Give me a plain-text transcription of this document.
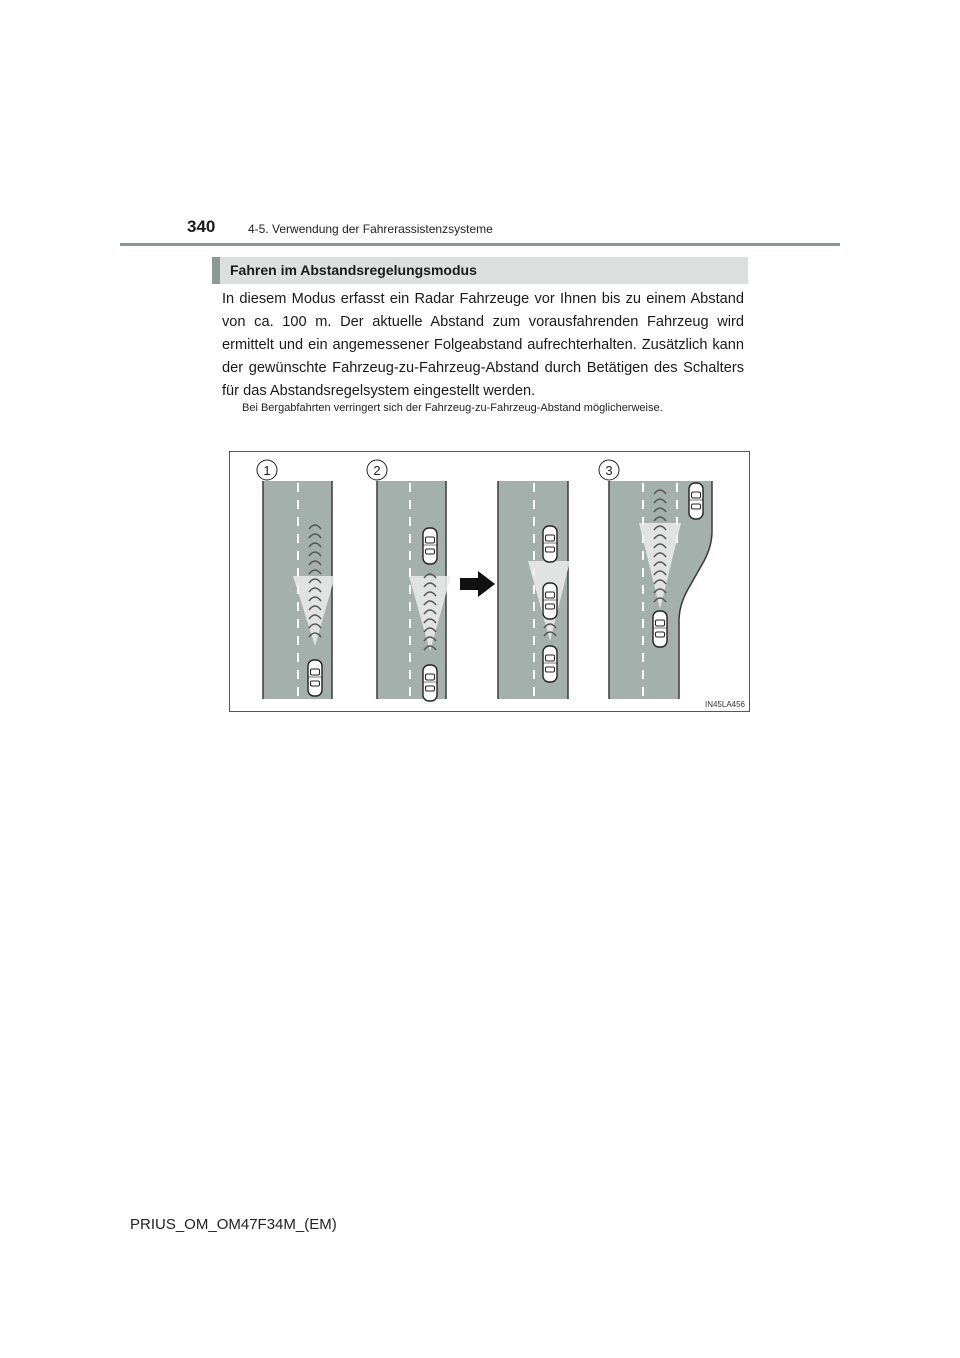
340	4-5. Verwendung der Fahrerassistenzsysteme
Fahren im Abstandsregelungsmodus

In diesem Modus erfasst ein Radar Fahrzeuge vor Ihnen bis zu einem Abstand von ca. 100 m. Der aktuelle Abstand zum vorausfahrenden Fahrzeug wird ermittelt und ein angemessener Folgeabstand aufrechterhalten. Zusätzlich kann der gewünschte Fahrzeug-zu-Fahrzeug-Abstand durch Betätigen des Schalters für das Abstandsregelsystem eingestellt werden.

Bei Bergabfahrten verringert sich der Fahrzeug-zu-Fahrzeug-Abstand möglicherweise.

1	2	3
IN45LA456
PRIUS_OM_OM47F34M_(EM)
